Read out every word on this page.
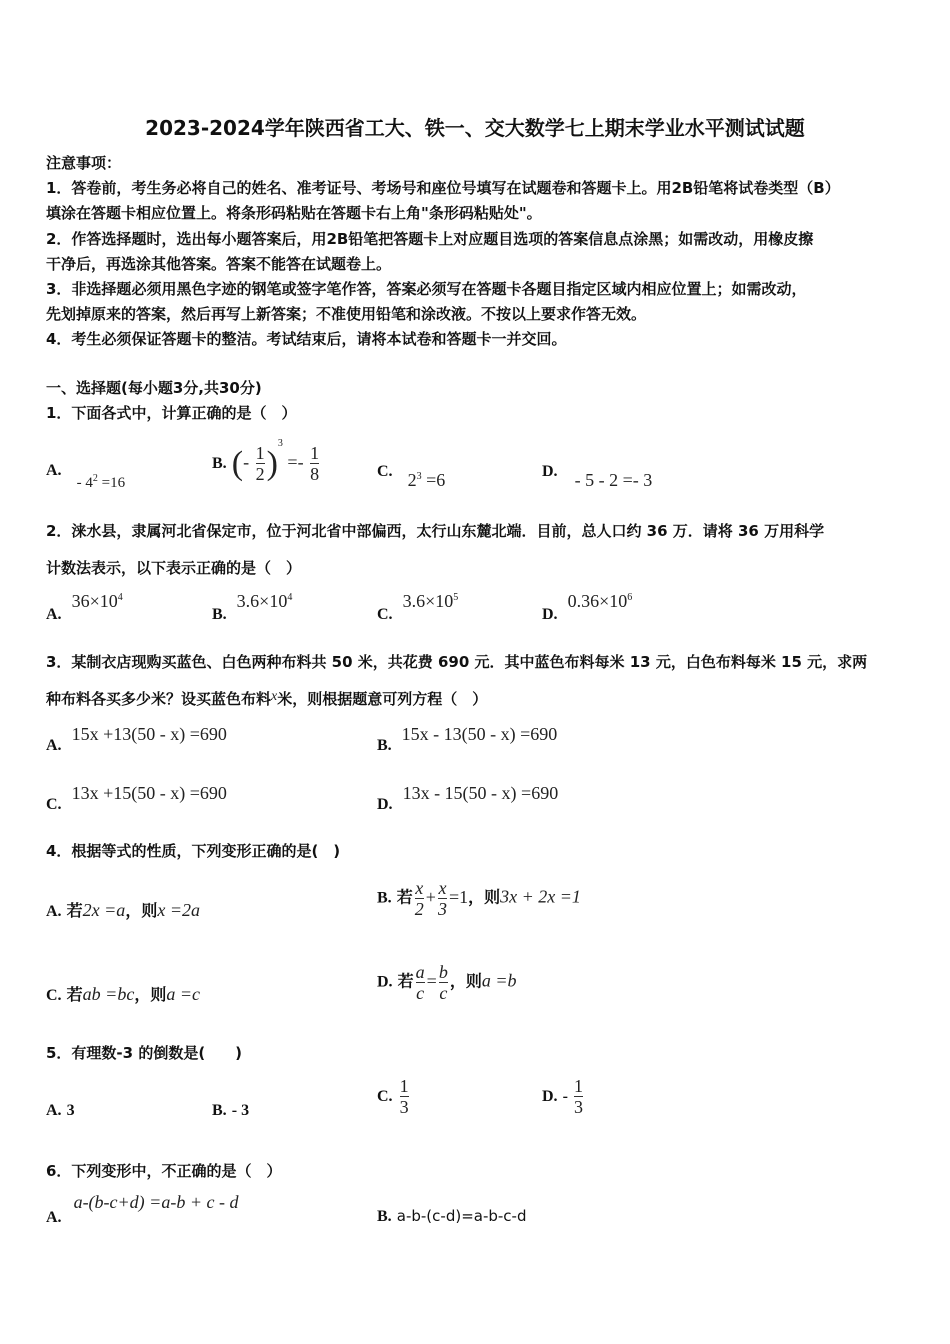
2023-2024学年陕西省工大、铁一、交大数学七上期末学业水平测试试题
注意事项：
1．答卷前，考生务必将自己的姓名、准考证号、考场号和座位号填写在试题卷和答题卡上。用2B铅笔将试卷类型（B）
填涂在答题卡相应位置上。将条形码粘贴在答题卡右上角"条形码粘贴处"。
2．作答选择题时，选出每小题答案后，用2B铅笔把答题卡上对应题目选项的答案信息点涂黑；如需改动，用橡皮擦
干净后，再选涂其他答案。答案不能答在试题卷上。
3．非选择题必须用黑色字迹的钢笔或签字笔作答，答案必须写在答题卡各题目指定区域内相应位置上；如需改动，
先划掉原来的答案，然后再写上新答案；不准使用铅笔和涂改液。不按以上要求作答无效。
4．考生必须保证答题卡的整洁。考试结束后，请将本试卷和答题卡一并交回。
一、选择题(每小题3分,共30分)
1．下面各式中，计算正确的是（　）
A. - $4^2 =16$
B. (- $\frac{1}{2} )^3 =- \frac{1}{8}$	C. $2^3 =6$	D. - 5 - 2 =- 3
2．涞水县，隶属河北省保定市，位于河北省中部偏西，太行山东麓北端．目前，总人口约 36 万．请将 36 万用科学
计数法表示，以下表示正确的是（　）
$A.36\times 10^4$
$B.3.6\times 10^4$
$C.3.6\times 10^5$
$D.0.36\times 10^6$
3．某制衣店现购买蓝色、白色两种布料共 50 米，共花费 690 元．其中蓝色布料每米 13 元，白色布料每米 15 元，求两
种布料各买多少米？设买蓝色布料x米，则根据题意可列方程（　）
A.15x +13(50 - x) =690
B.15x - 13(50 - x) =690
C.13x +15(50 - x) =690
D.13x - 15(50 - x) =690
4．根据等式的性质，下列变形正确的是(　)
A. 若2x =a，则x =2a
B. 若 $\frac{x}{2} + \frac{x}{3} =1$，则3x + 2x =1
C. 若ab =bc，则a =c
D. 若 $\frac{a}{c} = \frac{b}{c}$ ，则a =b
5．有理数-3 的倒数是(　　)
A. 3	B. - 3
C. $\frac{1}{3}$	D. - $\frac{1}{3}$
6．下列变形中，不正确的是（　）
A.a-(b-c+d) =a-b + c - d
B. a-b-(c-d)=a-b-c-d
